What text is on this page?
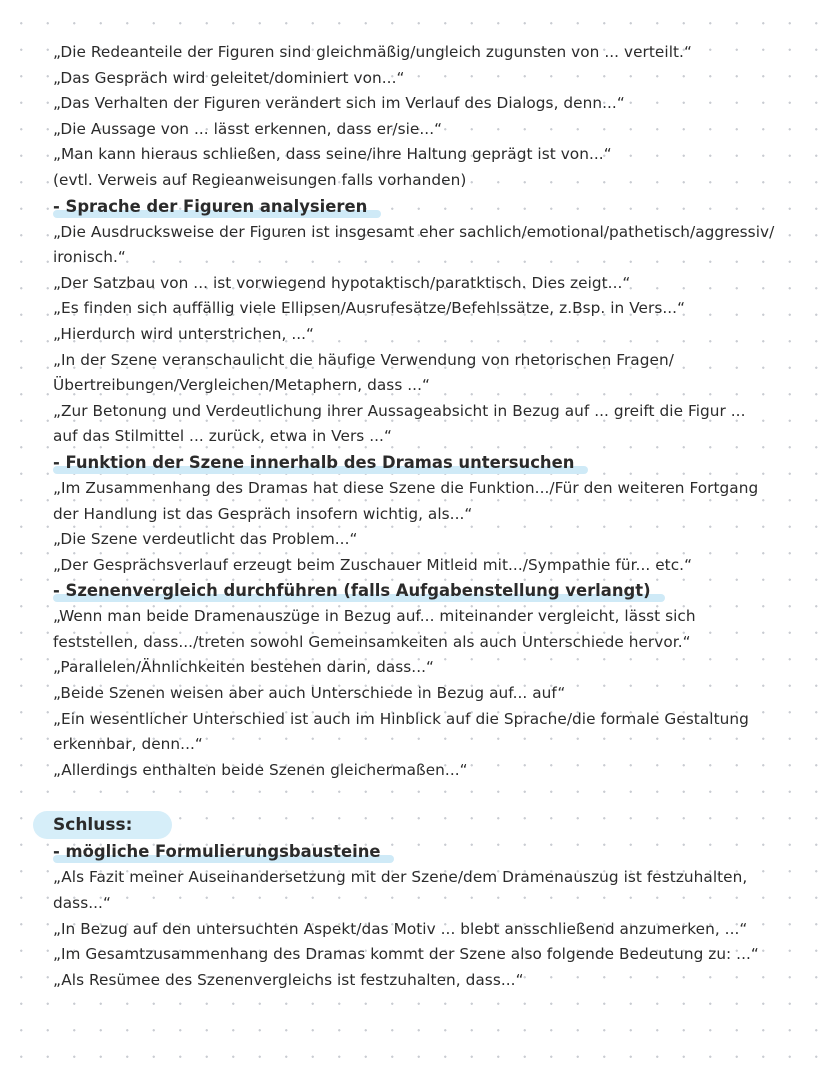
„Die Redeanteile der Figuren sind gleichmäßig/ungleich zugunsten von ... verteilt.“
„Das Gespräch wird geleitet/dominiert von...“
„Das Verhalten der Figuren verändert sich im Verlauf des Dialogs, denn...“
„Die Aussage von ... lässt erkennen, dass er/sie...“
„Man kann hieraus schließen, dass seine/ihre Haltung geprägt ist von...“
(evtl. Verweis auf Regieanweisungen falls vorhanden)
- Sprache der Figuren analysieren
„Die Ausdrucksweise der Figuren ist insgesamt eher sachlich/emotional/pathetisch/aggressiv/
ironisch.“
„Der Satzbau von ... ist vorwiegend hypotaktisch/paratktisch. Dies zeigt...“
„Es finden sich auffällig viele Ellipsen/Ausrufesätze/Befehlssätze, z.Bsp. in Vers...“
„Hierdurch wird unterstrichen, ...“
„In der Szene veranschaulicht die häufige Verwendung von rhetorischen Fragen/
Übertreibungen/Vergleichen/Metaphern, dass ...“
„Zur Betonung und Verdeutlichung ihrer Aussageabsicht in Bezug auf ... greift die Figur ...
auf das Stilmittel ... zurück, etwa in Vers ...“
- Funktion der Szene innerhalb des Dramas untersuchen
„Im Zusammenhang des Dramas hat diese Szene die Funktion.../Für den weiteren Fortgang
der Handlung ist das Gespräch insofern wichtig, als...“
„Die Szene verdeutlicht das Problem...“
„Der Gesprächsverlauf erzeugt beim Zuschauer Mitleid mit.../Sympathie für... etc.“
- Szenenvergleich durchführen (falls Aufgabenstellung verlangt)
„Wenn man beide Dramenauszüge in Bezug auf... miteinander vergleicht, lässt sich
feststellen, dass.../treten sowohl Gemeinsamkeiten als auch Unterschiede hervor.“
„Parallelen/Ähnlichkeiten bestehen darin, dass...“
„Beide Szenen weisen aber auch Unterschiede in Bezug auf... auf“
„Ein wesentlicher Unterschied ist auch im Hinblick auf die Sprache/die formale Gestaltung
erkennbar, denn...“
„Allerdings enthalten beide Szenen gleichermaßen...“
Schluss:
- mögliche Formulierungsbausteine
„Als Fazit meiner Auseinandersetzung mit der Szene/dem Dramenauszug ist festzuhalten,
dass...“
„In Bezug auf den untersuchten Aspekt/das Motiv ... blebt ansschließend anzumerken, ...“
„Im Gesamtzusammenhang des Dramas kommt der Szene also folgende Bedeutung zu: ...“
„Als Resümee des Szenenvergleichs ist festzuhalten, dass...“
